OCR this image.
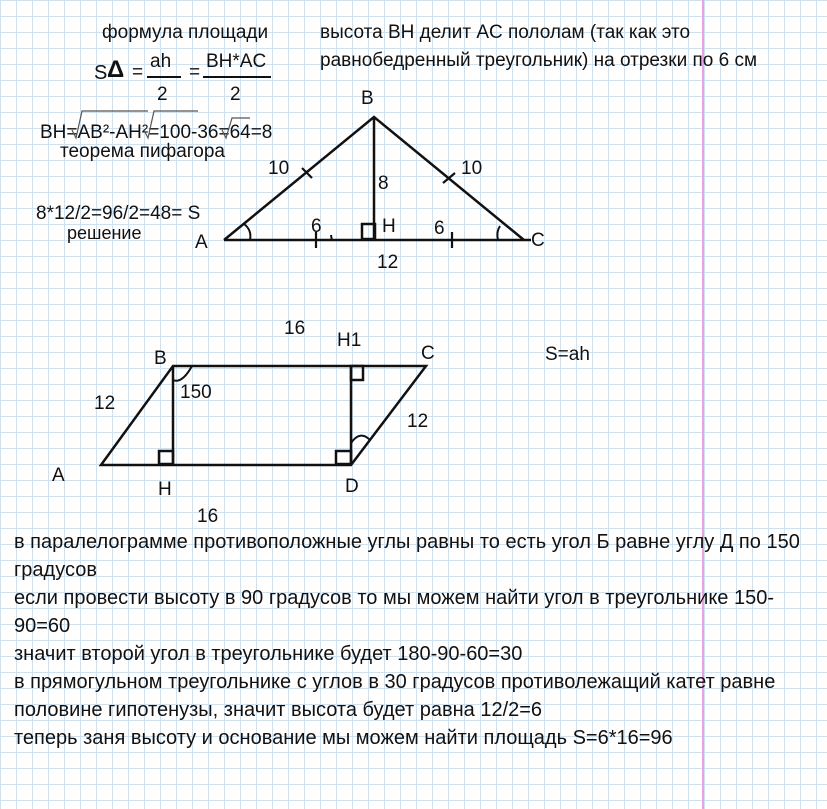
формула площади
S Δ =
ah
2
=
BH*AC
2
высота BH делит AC пололам (так как это
равнобедренный треугольник) на отрезки по 6 см
BH=AB²-AH²=100-36=64=8
теорема пифагора
8*12/2=96/2=48= S
решение
B
A	C
H
10	10
8
6	6
12
16
B
H1
C	S=ah
12
150
12
A
H	D
16
в паралелограмме противоположные углы равны то есть угол Б равне углу Д по 150 градусов
если провести высоту в 90 градусов то мы можем найти угол в треугольнике 150-90=60
значит второй угол в треугольнике будет 180-90-60=30
в прямогульном треугольнике с углов в 30 градусов противолежащий катет равне половине гипотенузы, значит высота будет равна 12/2=6
теперь заня высоту и основание мы можем найти площадь S=6*16=96
